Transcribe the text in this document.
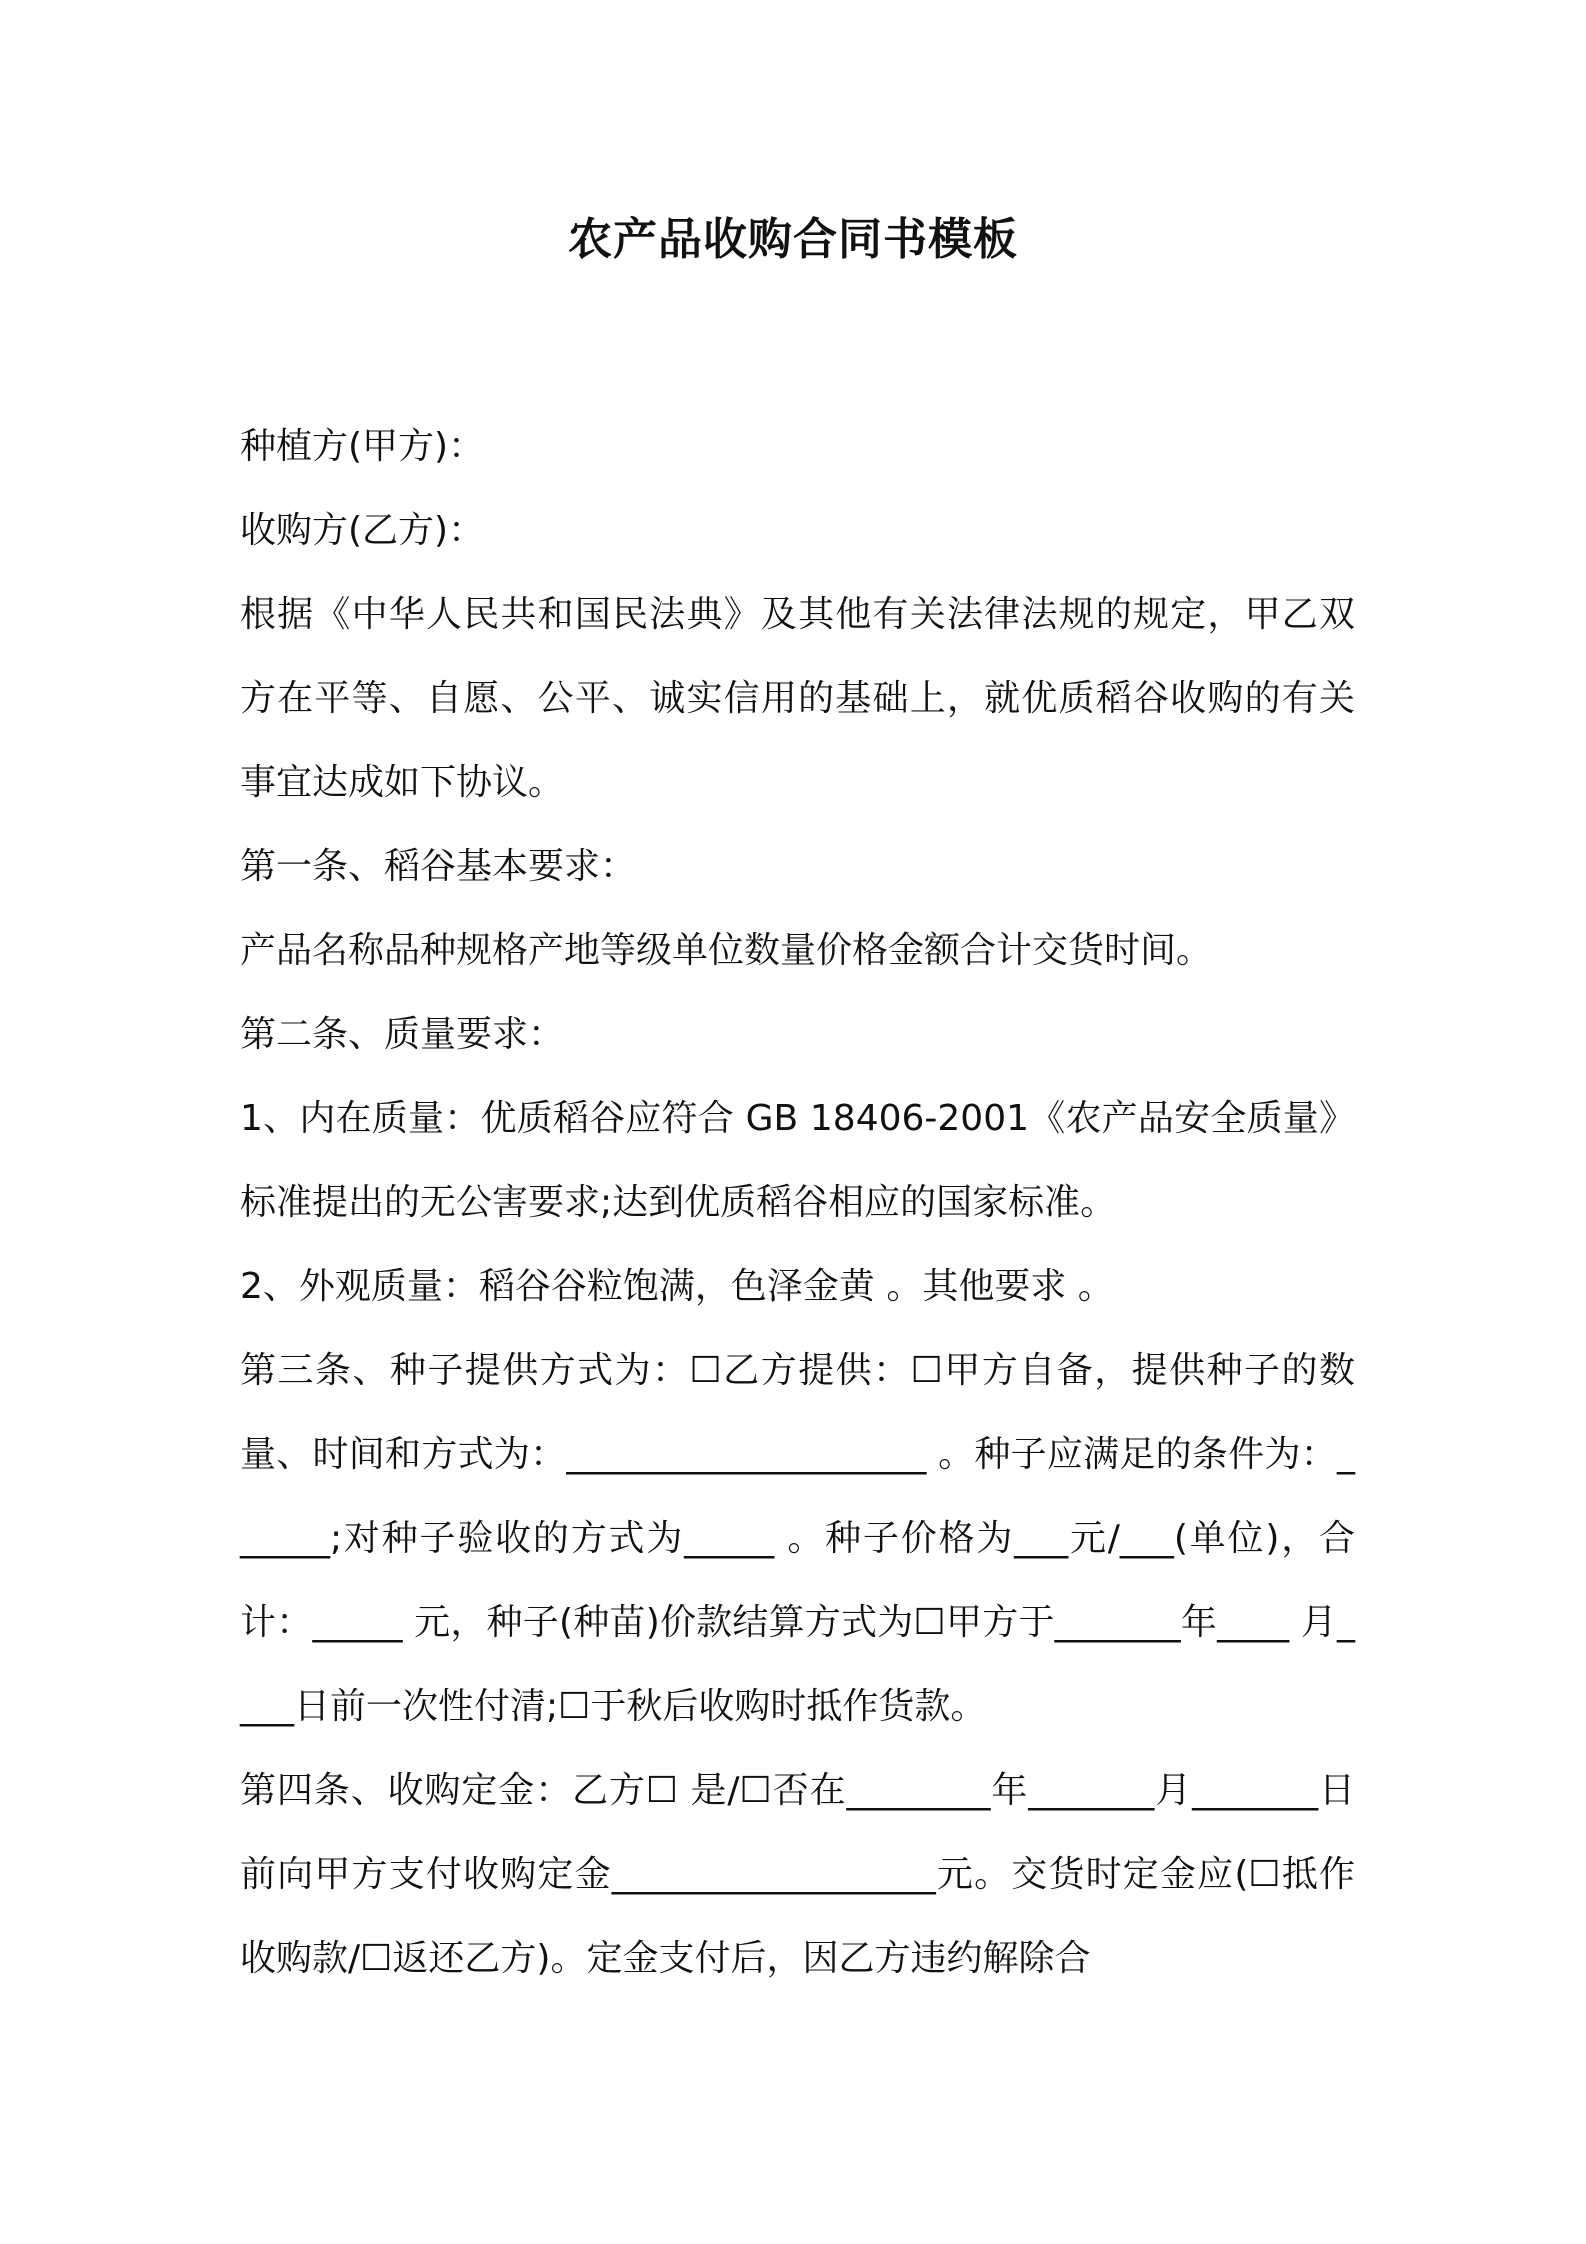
农产品收购合同书模板

种植方(甲方)：

收购方(乙方)：

根据《中华人民共和国民法典》及其他有关法律法规的规定，甲乙双方在平等、自愿、公平、诚实信用的基础上，就优质稻谷收购的有关事宜达成如下协议。

第一条、稻谷基本要求：

产品名称品种规格产地等级单位数量价格金额合计交货时间。

第二条、质量要求：

1、内在质量：优质稻谷应符合 GB 18406-2001《农产品安全质量》标准提出的无公害要求;达到优质稻谷相应的国家标准。

2、外观质量：稻谷谷粒饱满，色泽金黄 。其他要求 。

第三条、种子提供方式为：☐乙方提供：☐甲方自备，提供种子的数量、时间和方式为：____________________ 。种子应满足的条件为：______;对种子验收的方式为_____ 。种子价格为___元/___(单位)，合计：_____ 元，种子(种苗)价款结算方式为☐甲方于_______年____ 月____日前一次性付清;☐于秋后收购时抵作货款。

第四条、收购定金：乙方☐ 是/☐否在________年_______月_______日前向甲方支付收购定金__________________元。交货时定金应(☐抵作收购款/☐返还乙方)。定金支付后，因乙方违约解除合
